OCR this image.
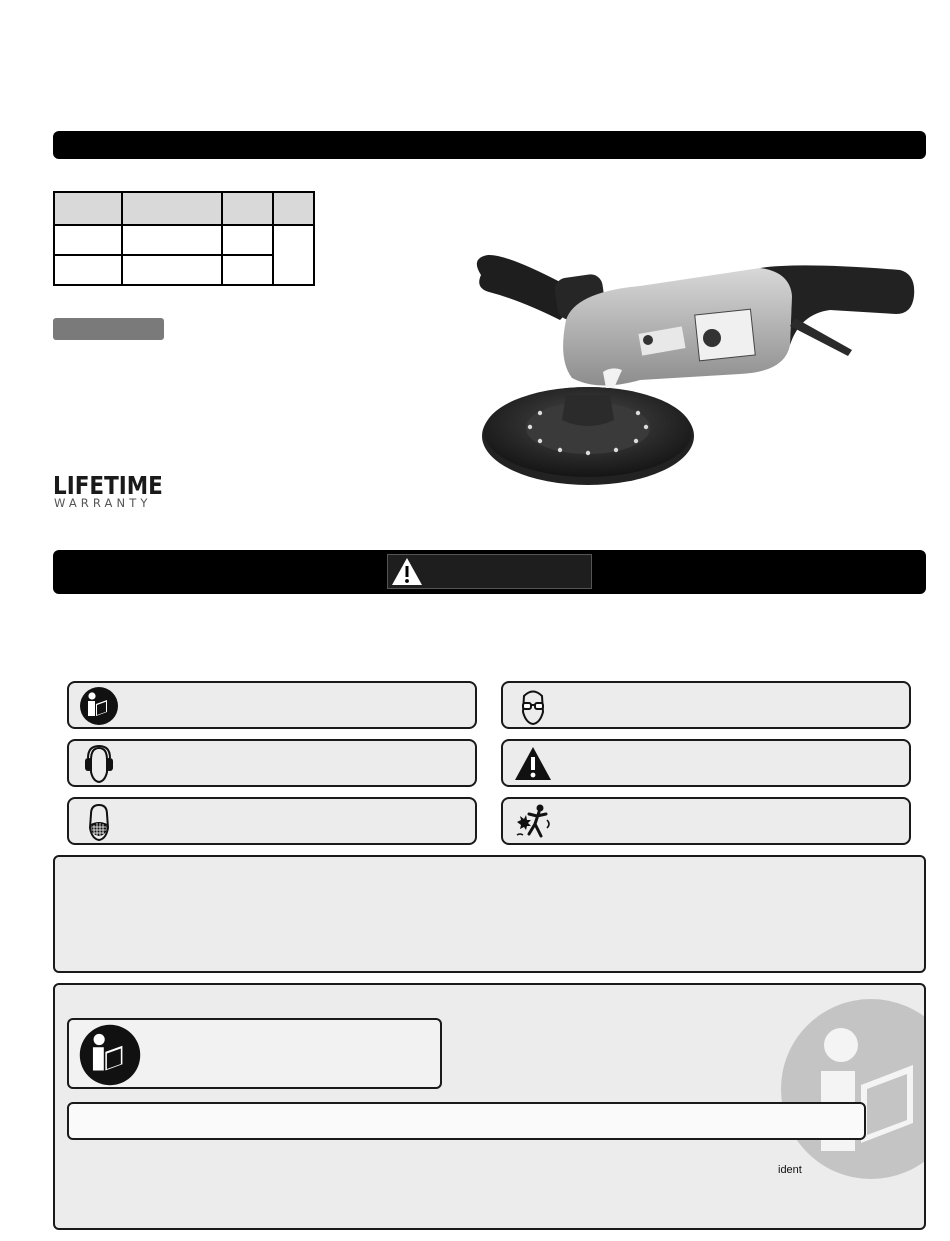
LIFETIME
WARRANTY
ident
